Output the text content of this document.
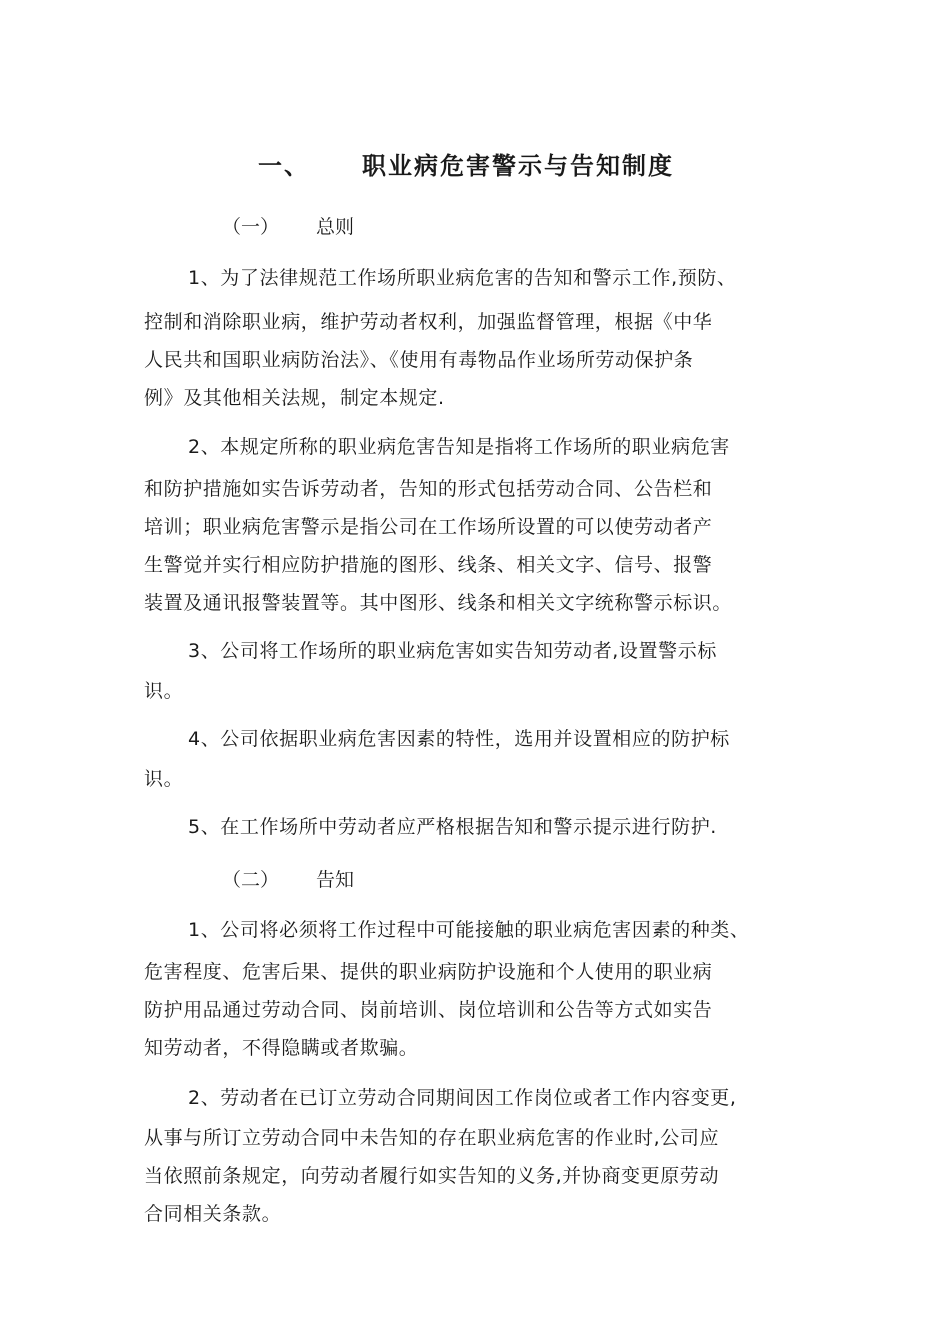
一、 职业病危害警示与告知制度
（一） 总则
1、为了法律规范工作场所职业病危害的告知和警示工作,预防、
控制和消除职业病，维护劳动者权利，加强监督管理，根据《中华
人民共和国职业病防治法》、《使用有毒物品作业场所劳动保护条
例》及其他相关法规，制定本规定.
2、本规定所称的职业病危害告知是指将工作场所的职业病危害
和防护措施如实告诉劳动者，告知的形式包括劳动合同、公告栏和
培训；职业病危害警示是指公司在工作场所设置的可以使劳动者产
生警觉并实行相应防护措施的图形、线条、相关文字、信号、报警
装置及通讯报警装置等。其中图形、线条和相关文字统称警示标识。
3、公司将工作场所的职业病危害如实告知劳动者,设置警示标
识。
4、公司依据职业病危害因素的特性，选用并设置相应的防护标
识。
5、在工作场所中劳动者应严格根据告知和警示提示进行防护.
（二） 告知
1、公司将必须将工作过程中可能接触的职业病危害因素的种类、
危害程度、危害后果、提供的职业病防护设施和个人使用的职业病
防护用品通过劳动合同、岗前培训、岗位培训和公告等方式如实告
知劳动者，不得隐瞒或者欺骗。
2、劳动者在已订立劳动合同期间因工作岗位或者工作内容变更,
从事与所订立劳动合同中未告知的存在职业病危害的作业时,公司应
当依照前条规定，向劳动者履行如实告知的义务,并协商变更原劳动
合同相关条款。
